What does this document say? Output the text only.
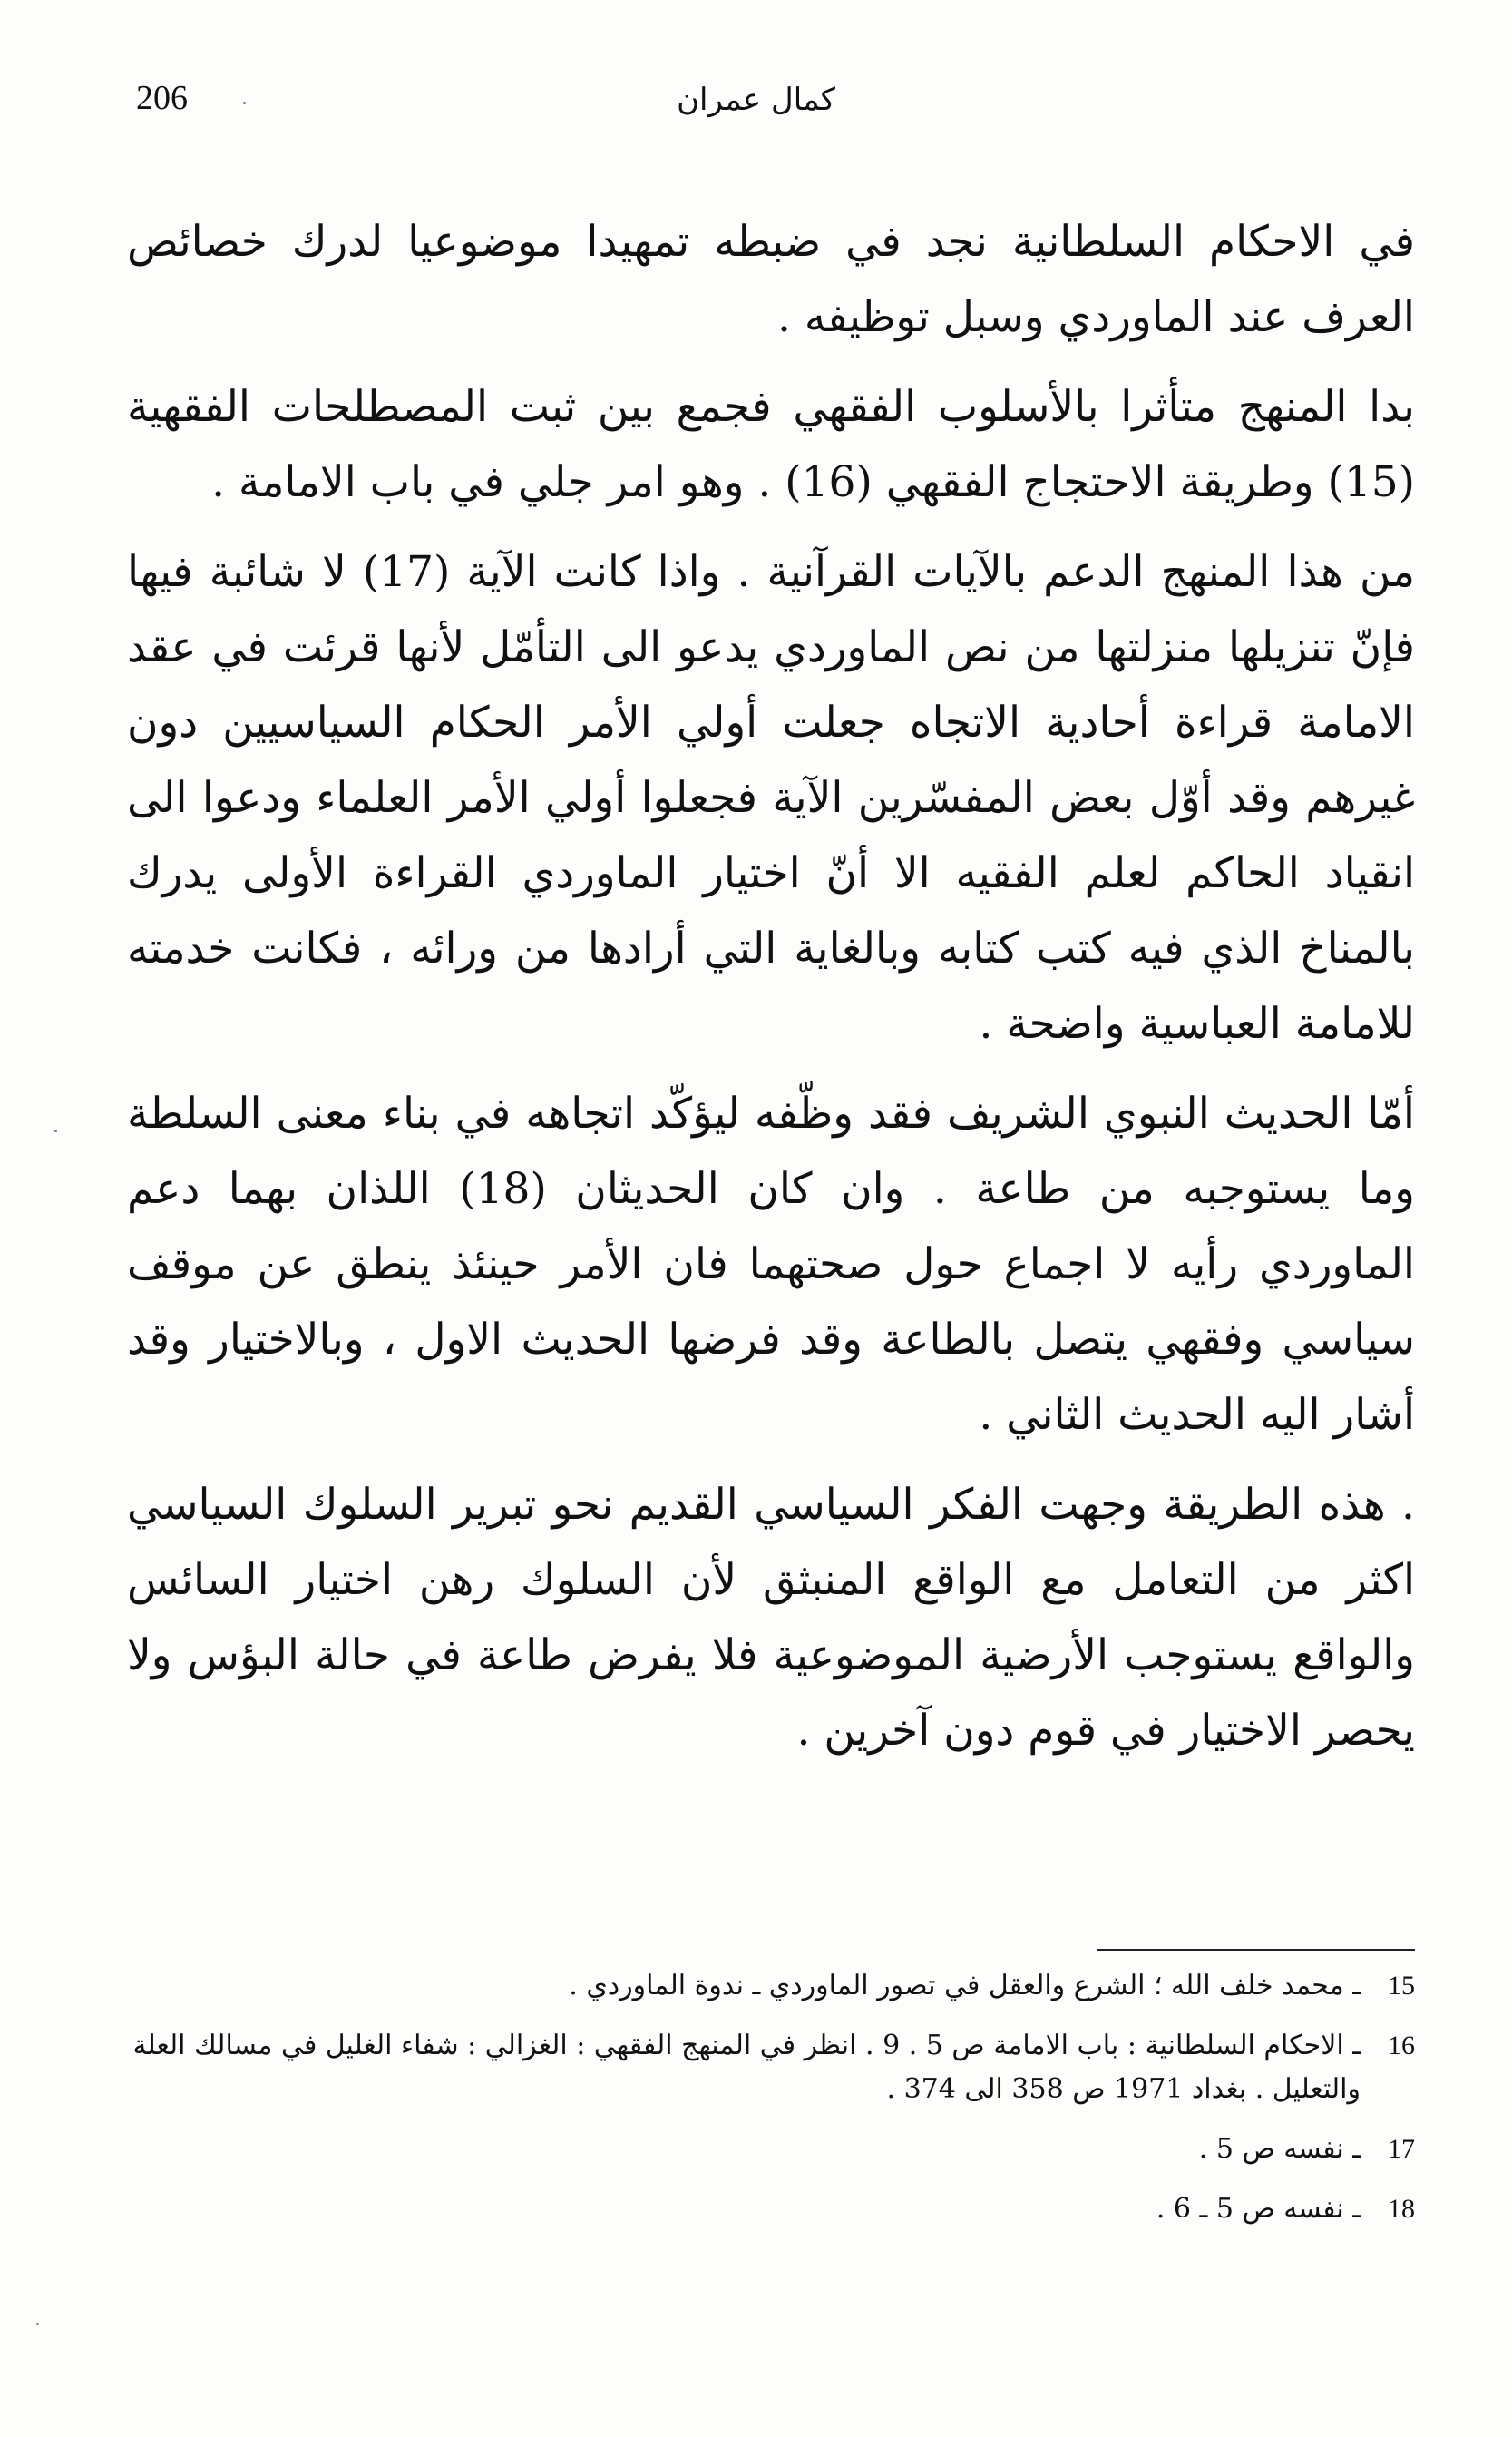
206	كمال عمران

في الاحكام السلطانية نجد في ضبطه تمهيدا موضوعيا لدرك خصائص العرف عند الماوردي وسبل توظيفه .

بدا المنهج متأثرا بالأسلوب الفقهي فجمع بين ثبت المصطلحات الفقهية (15) وطريقة الاحتجاج الفقهي (16) . وهو امر جلي في باب الامامة .

من هذا المنهج الدعم بالآيات القرآنية . واذا كانت الآية (17) لا شائبة فيها فإنّ تنزيلها منزلتها من نص الماوردي يدعو الى التأمّل لأنها قرئت في عقد الامامة قراءة أحادية الاتجاه جعلت أولي الأمر الحكام السياسيين دون غيرهم وقد أوّل بعض المفسّرين الآية فجعلوا أولي الأمر العلماء ودعوا الى انقياد الحاكم لعلم الفقيه الا أنّ اختيار الماوردي القراءة الأولى يدرك بالمناخ الذي فيه كتب كتابه وبالغاية التي أرادها من ورائه ، فكانت خدمته للامامة العباسية واضحة .

أمّا الحديث النبوي الشريف فقد وظّفه ليؤكّد اتجاهه في بناء معنى السلطة وما يستوجبه من طاعة . وان كان الحديثان (18) اللذان بهما دعم الماوردي رأيه لا اجماع حول صحتهما فان الأمر حينئذ ينطق عن موقف سياسي وفقهي يتصل بالطاعة وقد فرضها الحديث الاول ، وبالاختيار وقد أشار اليه الحديث الثاني .

. هذه الطريقة وجهت الفكر السياسي القديم نحو تبرير السلوك السياسي اكثر من التعامل مع الواقع المنبثق لأن السلوك رهن اختيار السائس والواقع يستوجب الأرضية الموضوعية فلا يفرض طاعة في حالة البؤس ولا يحصر الاختيار في قوم دون آخرين .

15
ـ محمد خلف الله ؛ الشرع والعقل في تصور الماوردي ـ ندوة الماوردي .
16
ـ الاحكام السلطانية : باب الامامة ص 5 . 9 . انظر في المنهج الفقهي : الغزالي : شفاء الغليل في مسالك العلة والتعليل . بغداد 1971 ص 358 الى 374 .
17
ـ نفسه ص 5 .
18
ـ نفسه ص 5 ـ 6 .
